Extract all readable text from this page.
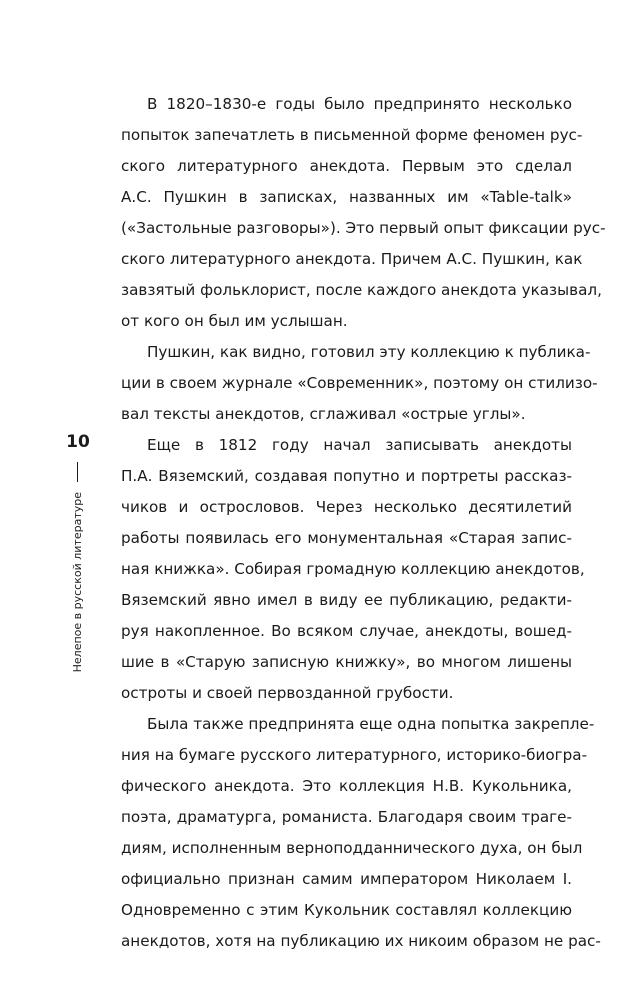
10
Нелепое в русской литературе
В 1820–1830-е годы было предпринято несколько
попыток запечатлеть в письменной форме феномен рус-
ского литературного анекдота. Первым это сделал
А.С. Пушкин в записках, названных им «Table-talk»
(«Застольные разговоры»). Это первый опыт фиксации рус-
ского литературного анекдота. Причем А.С. Пушкин, как
завзятый фольклорист, после каждого анекдота указывал,
от кого он был им услышан.
Пушкин, как видно, готовил эту коллекцию к публика-
ции в своем журнале «Современник», поэтому он стилизо-
вал тексты анекдотов, сглаживал «острые углы».
Еще в 1812 году начал записывать анекдоты
П.А. Вяземский, создавая попутно и портреты рассказ-
чиков и острословов. Через несколько десятилетий
работы появилась его монументальная «Старая запис-
ная книжка». Собирая громадную коллекцию анекдотов,
Вяземский явно имел в виду ее публикацию, редакти-
руя накопленное. Во всяком случае, анекдоты, вошед-
шие в «Старую записную книжку», во многом лишены
остроты и своей первозданной грубости.
Была также предпринята еще одна попытка закрепле-
ния на бумаге русского литературного, историко-биогра-
фического анекдота. Это коллекция Н.В. Кукольника,
поэта, драматурга, романиста. Благодаря своим траге-
диям, исполненным верноподданнического духа, он был
официально признан самим императором Николаем I.
Одновременно с этим Кукольник составлял коллекцию
анекдотов, хотя на публикацию их никоим образом не рас-
